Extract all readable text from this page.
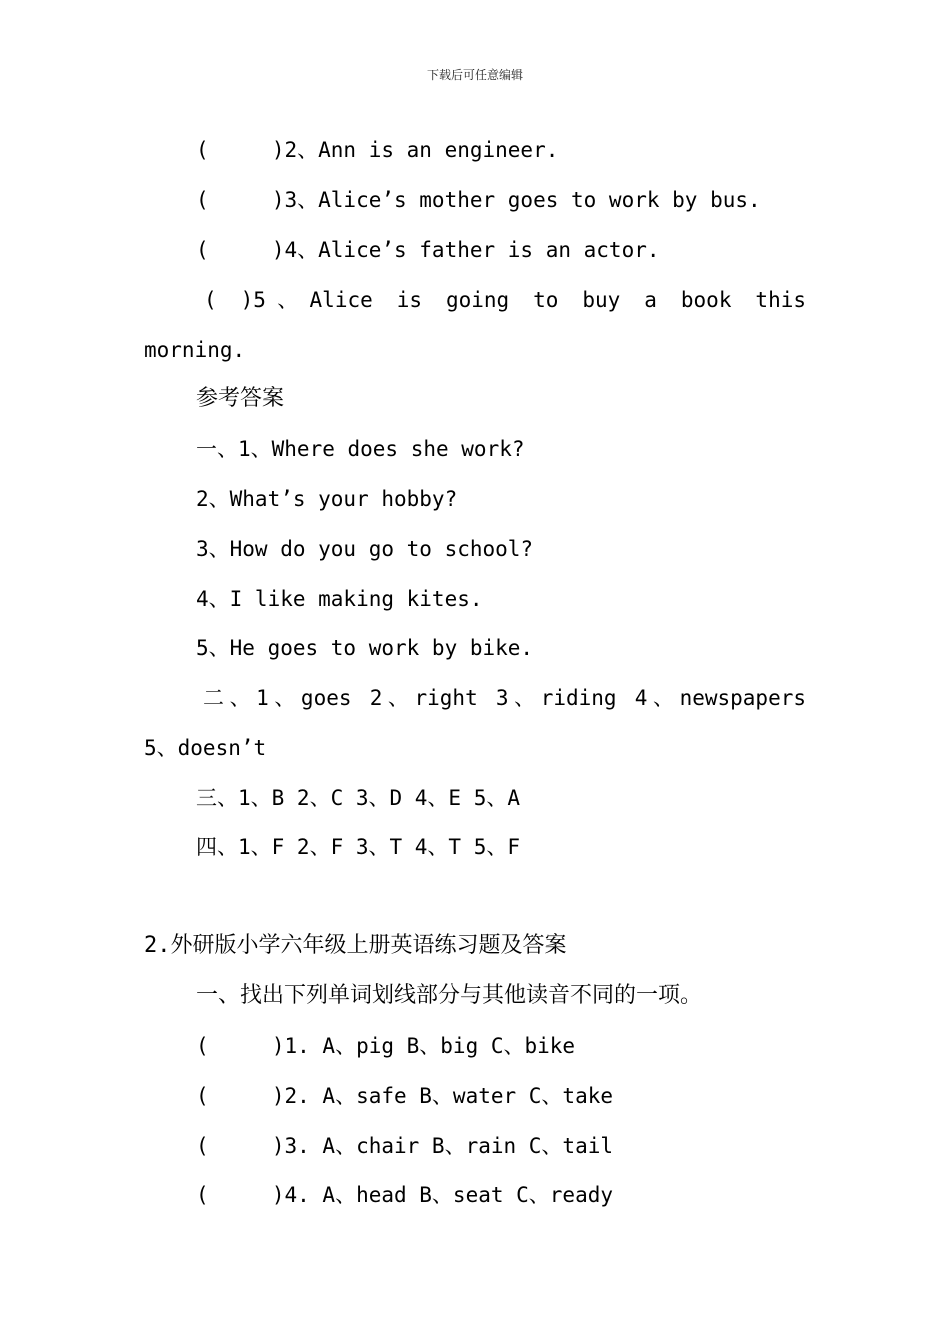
下载后可任意编辑
(     )2、Ann is an engineer.
(     )3、Alice’s mother goes to work by bus.
(     )4、Alice’s father is an actor.
( )5、Alice is going to buy a book this
morning.
参考答案
一、1、Where does she work?
2、What’s your hobby?
3、How do you go to school?
4、I like making kites.
5、He goes to work by bike.
二、1、goes 2、right 3、riding 4、newspapers
5、doesn’t
三、1、B 2、C 3、D 4、E 5、A
四、1、F 2、F 3、T 4、T 5、F
2.外研版小学六年级上册英语练习题及答案
一、找出下列单词划线部分与其他读音不同的一项。
(     )1. A、pig B、big C、bike
(     )2. A、safe B、water C、take
(     )3. A、chair B、rain C、tail
(     )4. A、head B、seat C、ready
